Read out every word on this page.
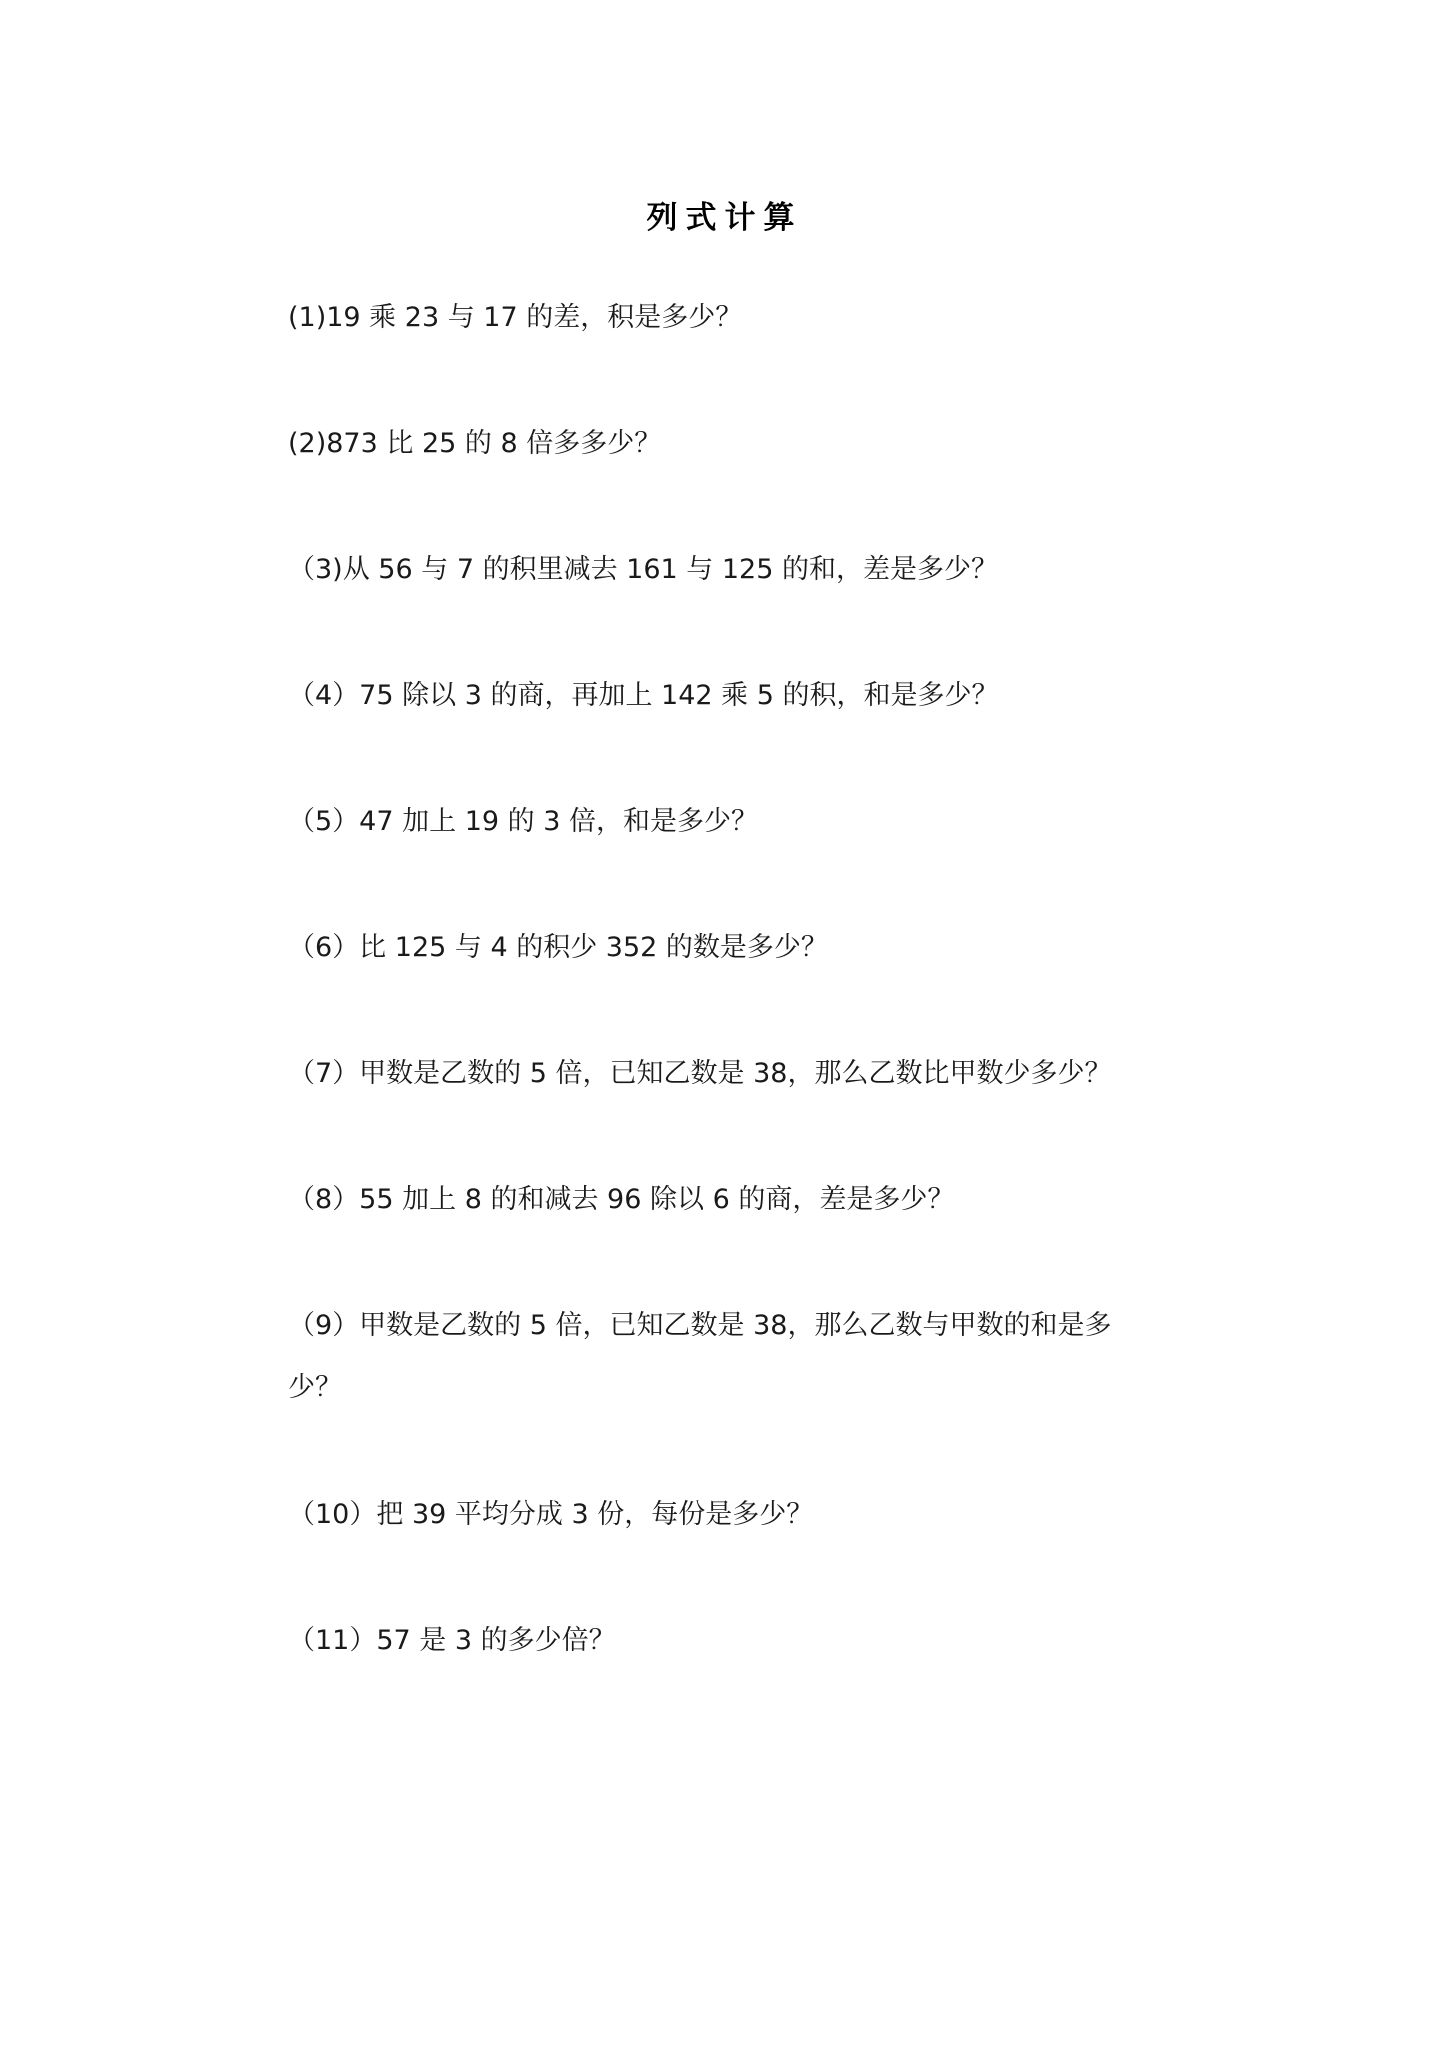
列式计算
(1)19 乘 23 与 17 的差，积是多少？
(2)873 比 25 的 8 倍多多少？
（3)从 56 与 7 的积里减去 161 与 125 的和，差是多少？
（4）75 除以 3 的商，再加上 142 乘 5 的积，和是多少？
（5）47 加上 19 的 3 倍，和是多少？
（6）比 125 与 4 的积少 352 的数是多少？
（7）甲数是乙数的 5 倍，已知乙数是 38，那么乙数比甲数少多少？
（8）55 加上 8 的和减去 96 除以 6 的商，差是多少？
（9）甲数是乙数的 5 倍，已知乙数是 38，那么乙数与甲数的和是多少？
（10）把 39 平均分成 3 份，每份是多少？
（11）57 是 3 的多少倍？
